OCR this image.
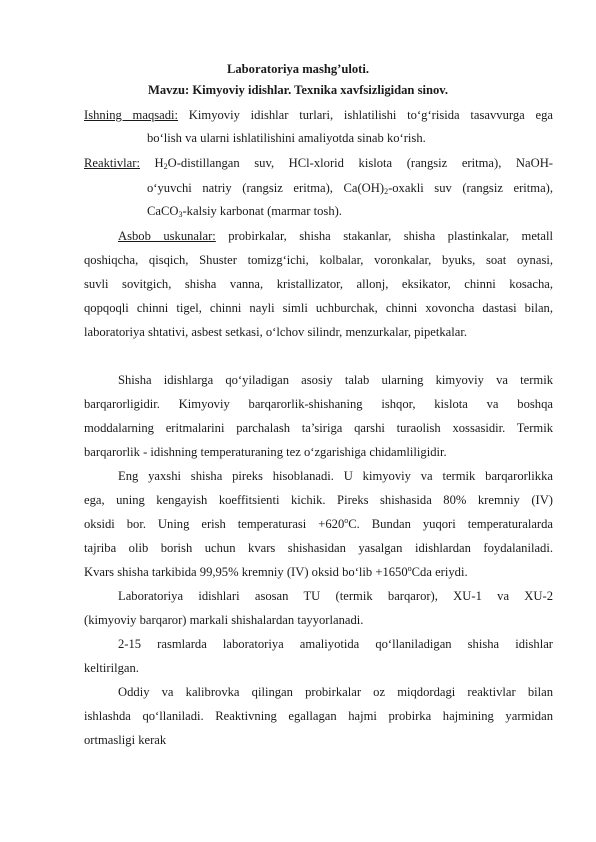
Laboratoriya mashg’uloti.
Mavzu: Kimyoviy idishlar. Texnika xavfsizligidan sinov.
Ishning maqsadi: Kimyoviy idishlar turlari, ishlatilishi to‘g‘risida tasavvurga ega
bo‘lish va ularni ishlatilishini amaliyotda sinab ko‘rish.
Reaktivlar: $H_2O$-distillangan suv, HCl-xlorid kislota (rangsiz eritma), NaOH-
o‘yuvchi natriy (rangsiz eritma), $Ca(OH)_2$-oxakli suv (rangsiz eritma),
CaCO$_3$-kalsiy karbonat (marmar tosh).
Asbob uskunalar: probirkalar, shisha stakanlar, shisha plastinkalar, metall
qoshiqcha, qisqich, Shuster tomizg‘ichi, kolbalar, voronkalar, byuks, soat oynasi,
suvli sovitgich, shisha vanna, kristallizator, allonj, eksikator, chinni kosacha,
qopqoqli chinni tigel, chinni nayli simli uchburchak, chinni xovoncha dastasi bilan,
laboratoriya shtativi, asbest setkasi, o‘lchov silindr, menzurkalar, pipetkalar.
Shisha idishlarga qo‘yiladigan asosiy talab ularning kimyoviy va termik
barqarorligidir. Kimyoviy barqarorlik-shishaning ishqor, kislota va boshqa
moddalarning eritmalarini parchalash ta’siriga qarshi turaolish xossasidir. Termik
barqarorlik - idishning temperaturaning tez o‘zgarishiga chidamliligidir.
Eng yaxshi shisha pireks hisoblanadi. U kimyoviy va termik barqarorlikka
ega, uning kengayish koeffitsienti kichik. Pireks shishasida 80% kremniy (IV)
oksidi bor. Uning erish temperaturasi $+620^oC$. Bundan yuqori temperaturalarda
tajriba olib borish uchun kvars shishasidan yasalgan idishlardan foydalaniladi.
Kvars shisha tarkibida 99,95% kremniy (IV) oksid bo‘lib $+1650^oCda$ eriydi.
Laboratoriya idishlari asosan TU (termik barqaror), XU-1 va XU-2
(kimyoviy barqaror) markali shishalardan tayyorlanadi.
2-15 rasmlarda laboratoriya amaliyotida qo‘llaniladigan shisha idishlar
keltirilgan.
Oddiy va kalibrovka qilingan probirkalar oz miqdordagi reaktivlar bilan
ishlashda qo‘llaniladi. Reaktivning egallagan hajmi probirka hajmining yarmidan
ortmasligi kerak
